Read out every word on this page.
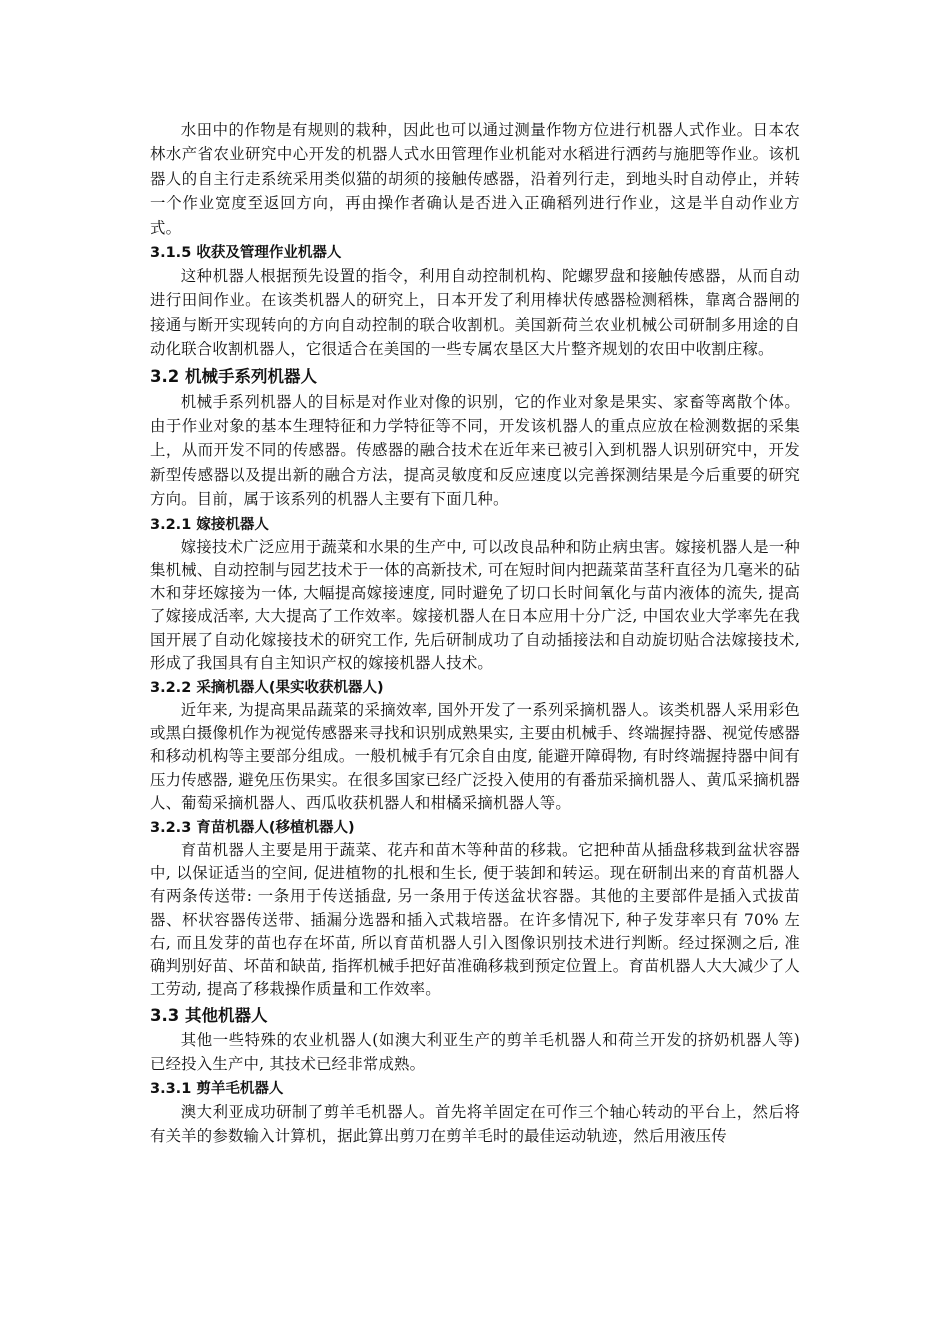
水田中的作物是有规则的栽种，因此也可以通过测量作物方位进行机器人式作业。日本农林水产省农业研究中心开发的机器人式水田管理作业机能对水稻进行洒药与施肥等作业。该机器人的自主行走系统采用类似猫的胡须的接触传感器，沿着列行走，到地头时自动停止，并转一个作业宽度至返回方向，再由操作者确认是否进入正确稻列进行作业，这是半自动作业方式。

3.1.5 收获及管理作业机器人

这种机器人根据预先设置的指令，利用自动控制机构、陀螺罗盘和接触传感器，从而自动进行田间作业。在该类机器人的研究上，日本开发了利用棒状传感器检测稻株，靠离合器闸的接通与断开实现转向的方向自动控制的联合收割机。美国新荷兰农业机械公司研制多用途的自动化联合收割机器人，它很适合在美国的一些专属农垦区大片整齐规划的农田中收割庄稼。

3.2 机械手系列机器人

机械手系列机器人的目标是对作业对像的识别，它的作业对象是果实、家畜等离散个体。由于作业对象的基本生理特征和力学特征等不同，开发该机器人的重点应放在检测数据的采集上，从而开发不同的传感器。传感器的融合技术在近年来已被引入到机器人识别研究中，开发新型传感器以及提出新的融合方法，提高灵敏度和反应速度以完善探测结果是今后重要的研究方向。目前，属于该系列的机器人主要有下面几种。

3.2.1 嫁接机器人

嫁接技术广泛应用于蔬菜和水果的生产中, 可以改良品种和防止病虫害。嫁接机器人是一种集机械、自动控制与园艺技术于一体的高新技术, 可在短时间内把蔬菜苗茎秆直径为几毫米的砧木和芽坯嫁接为一体, 大幅提高嫁接速度, 同时避免了切口长时间氧化与苗内液体的流失, 提高了嫁接成活率, 大大提高了工作效率。嫁接机器人在日本应用十分广泛, 中国农业大学率先在我国开展了自动化嫁接技术的研究工作, 先后研制成功了自动插接法和自动旋切贴合法嫁接技术, 形成了我国具有自主知识产权的嫁接机器人技术。

3.2.2 采摘机器人(果实收获机器人)

近年来, 为提高果品蔬菜的采摘效率, 国外开发了一系列采摘机器人。该类机器人采用彩色或黑白摄像机作为视觉传感器来寻找和识别成熟果实, 主要由机械手、终端握持器、视觉传感器和移动机构等主要部分组成。一般机械手有冗余自由度, 能避开障碍物, 有时终端握持器中间有压力传感器, 避免压伤果实。在很多国家已经广泛投入使用的有番茄采摘机器人、黄瓜采摘机器人、葡萄采摘机器人、西瓜收获机器人和柑橘采摘机器人等。

3.2.3 育苗机器人(移植机器人)

育苗机器人主要是用于蔬菜、花卉和苗木等种苗的移栽。它把种苗从插盘移栽到盆状容器中, 以保证适当的空间, 促进植物的扎根和生长, 便于装卸和转运。现在研制出来的育苗机器人有两条传送带: 一条用于传送插盘, 另一条用于传送盆状容器。其他的主要部件是插入式拔苗器、杯状容器传送带、插漏分选器和插入式栽培器。在许多情况下, 种子发芽率只有 70% 左右, 而且发芽的苗也存在坏苗, 所以育苗机器人引入图像识别技术进行判断。经过探测之后, 准确判别好苗、坏苗和缺苗, 指挥机械手把好苗准确移栽到预定位置上。育苗机器人大大减少了人工劳动, 提高了移栽操作质量和工作效率。

3.3 其他机器人

其他一些特殊的农业机器人(如澳大利亚生产的剪羊毛机器人和荷兰开发的挤奶机器人等)已经投入生产中, 其技术已经非常成熟。

3.3.1 剪羊毛机器人

澳大利亚成功研制了剪羊毛机器人。首先将羊固定在可作三个轴心转动的平台上，然后将有关羊的参数输入计算机，据此算出剪刀在剪羊毛时的最佳运动轨迹，然后用液压传
